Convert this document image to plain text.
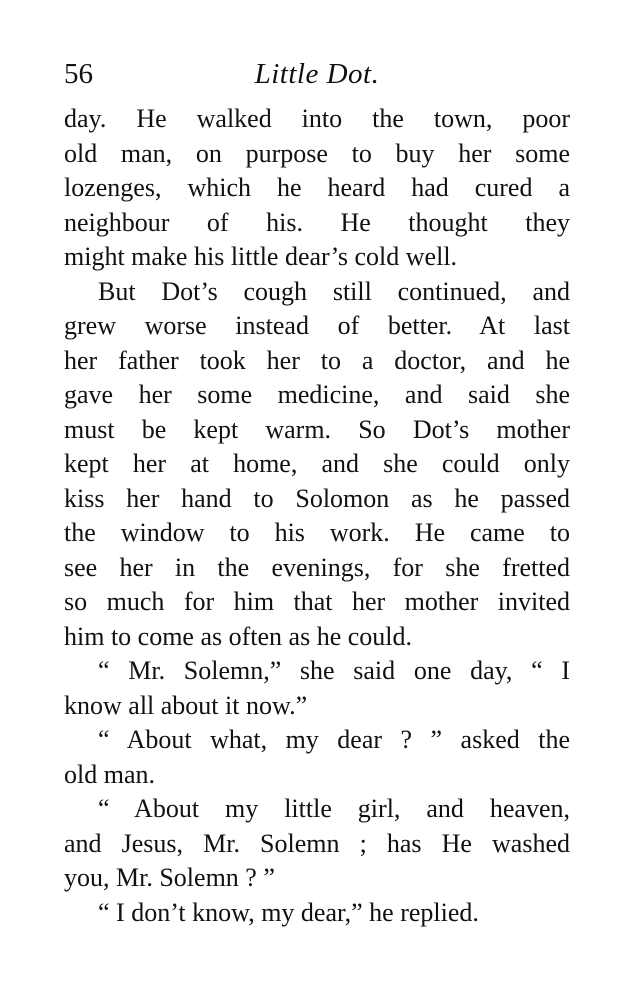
56	Little Dot.
day. He walked into the town, poor
old man, on purpose to buy her some
lozenges, which he heard had cured a
neighbour of his. He thought they
might make his little dear’s cold well.
But Dot’s cough still continued, and
grew worse instead of better. At last
her father took her to a doctor, and he
gave her some medicine, and said she
must be kept warm. So Dot’s mother
kept her at home, and she could only
kiss her hand to Solomon as he passed
the window to his work. He came to
see her in the evenings, for she fretted
so much for him that her mother invited
him to come as often as he could.
“ Mr. Solemn,” she said one day, “ I
know all about it now.”
“ About what, my dear ? ” asked the
old man.
“ About my little girl, and heaven,
and Jesus, Mr. Solemn ; has He washed
you, Mr. Solemn ? ”
“ I don’t know, my dear,” he replied.
